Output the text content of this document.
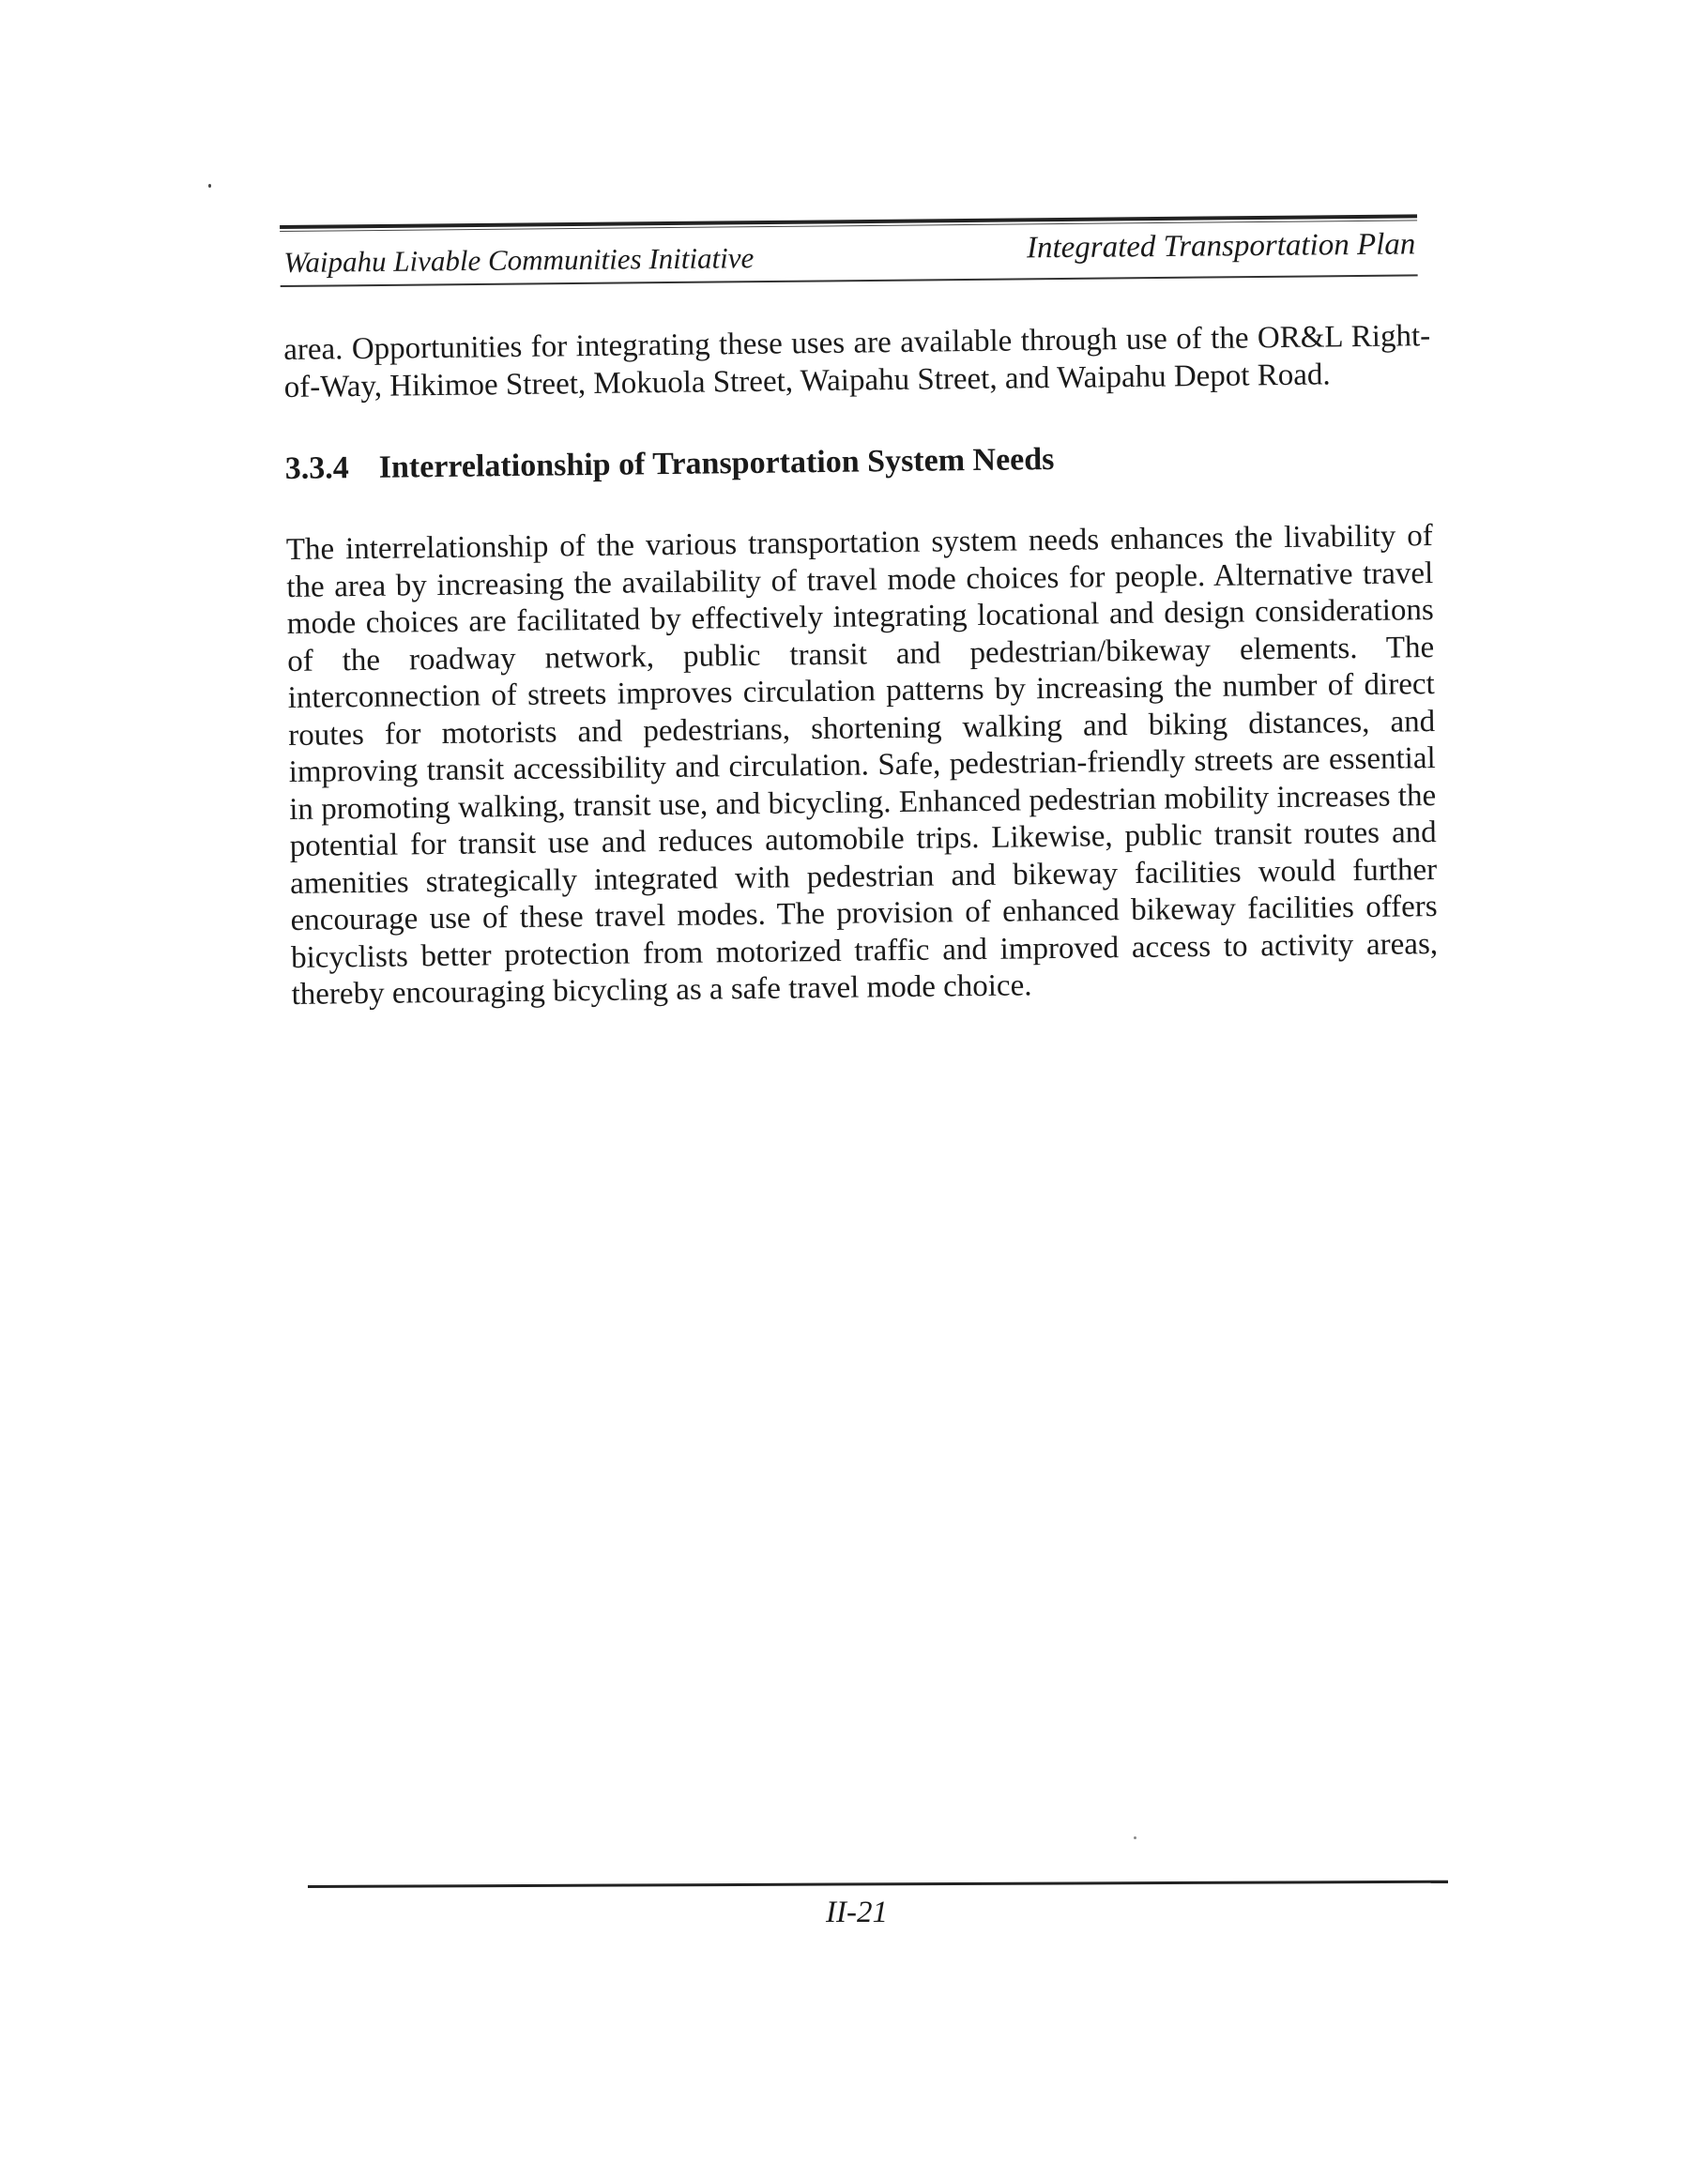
Waipahu Livable Communities Initiative	Integrated Transportation Plan

area. Opportunities for integrating these uses are available through use of the OR&L Right-of-Way, Hikimoe Street, Mokuola Street, Waipahu Street, and Waipahu Depot Road.

3.3.4 Interrelationship of Transportation System Needs

The interrelationship of the various transportation system needs enhances the livability of the area by increasing the availability of travel mode choices for people. Alternative travel mode choices are facilitated by effectively integrating locational and design considerations of the roadway network, public transit and pedestrian/bikeway elements. The interconnection of streets improves circulation patterns by increasing the number of direct routes for motorists and pedestrians, shortening walking and biking distances, and improving transit accessibility and circulation. Safe, pedestrian-friendly streets are essential in promoting walking, transit use, and bicycling. Enhanced pedestrian mobility increases the potential for transit use and reduces automobile trips. Likewise, public transit routes and amenities strategically integrated with pedestrian and bikeway facilities would further encourage use of these travel modes. The provision of enhanced bikeway facilities offers bicyclists better protection from motorized traffic and improved access to activity areas, thereby encouraging bicycling as a safe travel mode choice.

II-21
